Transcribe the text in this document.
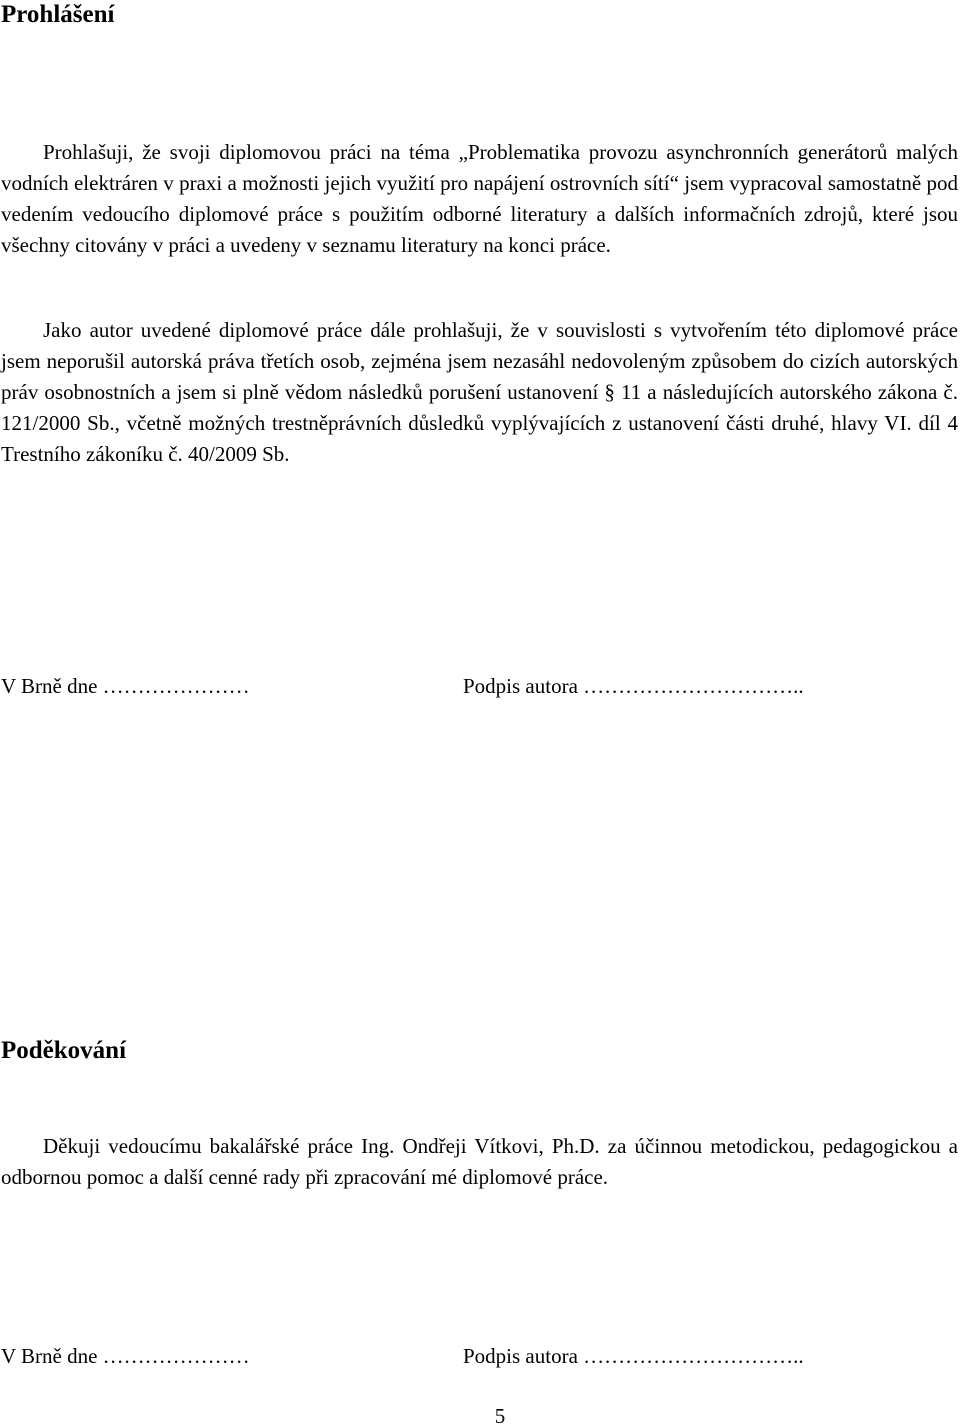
Prohlášení

Prohlašuji, že svoji diplomovou práci na téma „Problematika provozu asynchronních generátorů malých vodních elektráren v praxi a možnosti jejich využití pro napájení ostrovních sítí“ jsem vypracoval samostatně pod vedením vedoucího diplomové práce s použitím odborné literatury a dalších informačních zdrojů, které jsou všechny citovány v práci a uvedeny v seznamu literatury na konci práce.

Jako autor uvedené diplomové práce dále prohlašuji, že v souvislosti s vytvořením této diplomové práce jsem neporušil autorská práva třetích osob, zejména jsem nezasáhl nedovoleným způsobem do cizích autorských práv osobnostních a jsem si plně vědom následků porušení ustanovení § 11 a následujících autorského zákona č. 121/2000 Sb., včetně možných trestněprávních důsledků vyplývajících z ustanovení části druhé, hlavy VI. díl 4 Trestního zákoníku č. 40/2009 Sb.

V Brně dne …………………	Podpis autora …………………………..
Poděkování

Děkuji vedoucímu bakalářské práce Ing. Ondřeji Vítkovi, Ph.D. za účinnou metodickou, pedagogickou a odbornou pomoc a další cenné rady při zpracování mé diplomové práce.

V Brně dne …………………	Podpis autora …………………………..
5
